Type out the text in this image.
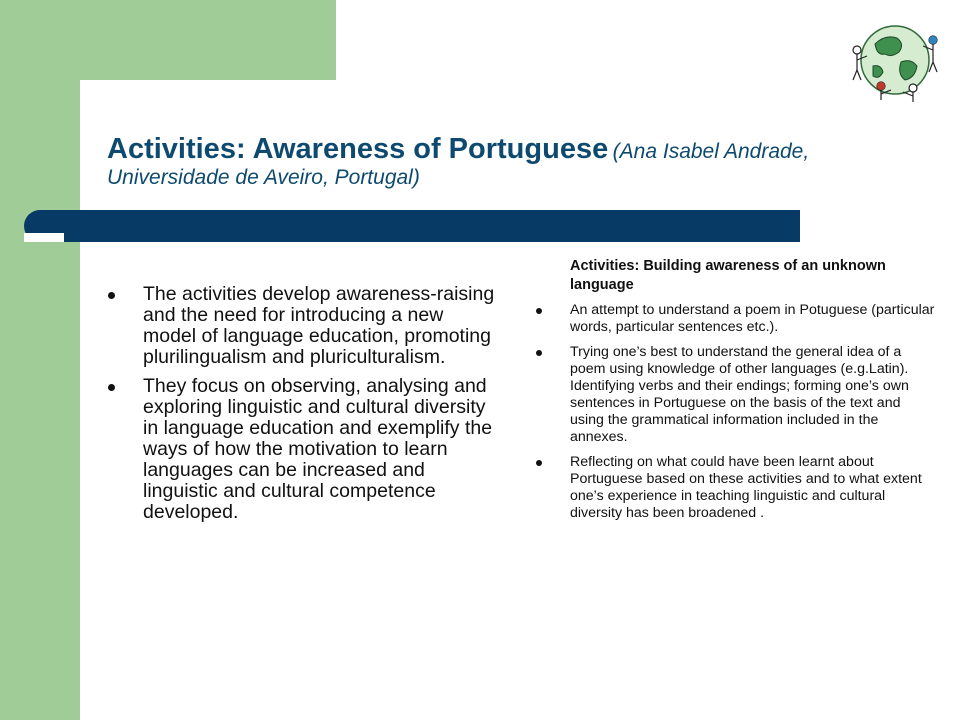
Activities: Awareness of Portuguese (Ana Isabel Andrade, Universidade de Aveiro, Portugal)
The activities develop awareness-raising and the need for introducing a new model of language education, promoting plurilingualism and pluriculturalism.
They focus on observing, analysing and exploring linguistic and cultural diversity in language education and exemplify the ways of how the motivation to learn languages can be increased and linguistic and cultural competence developed.
Activities: Building awareness of an unknown language
An attempt to understand a poem in Potuguese (particular words, particular sentences etc.).
Trying one’s best to understand the general idea of a poem using knowledge of other languages (e.g.Latin). Identifying verbs and their endings; forming one’s own sentences in Portuguese on the basis of the text and using the grammatical information included in the annexes.
Reflecting on what could have been learnt about Portuguese based on these activities and to what extent one’s experience in teaching linguistic and cultural diversity has been broadened .
